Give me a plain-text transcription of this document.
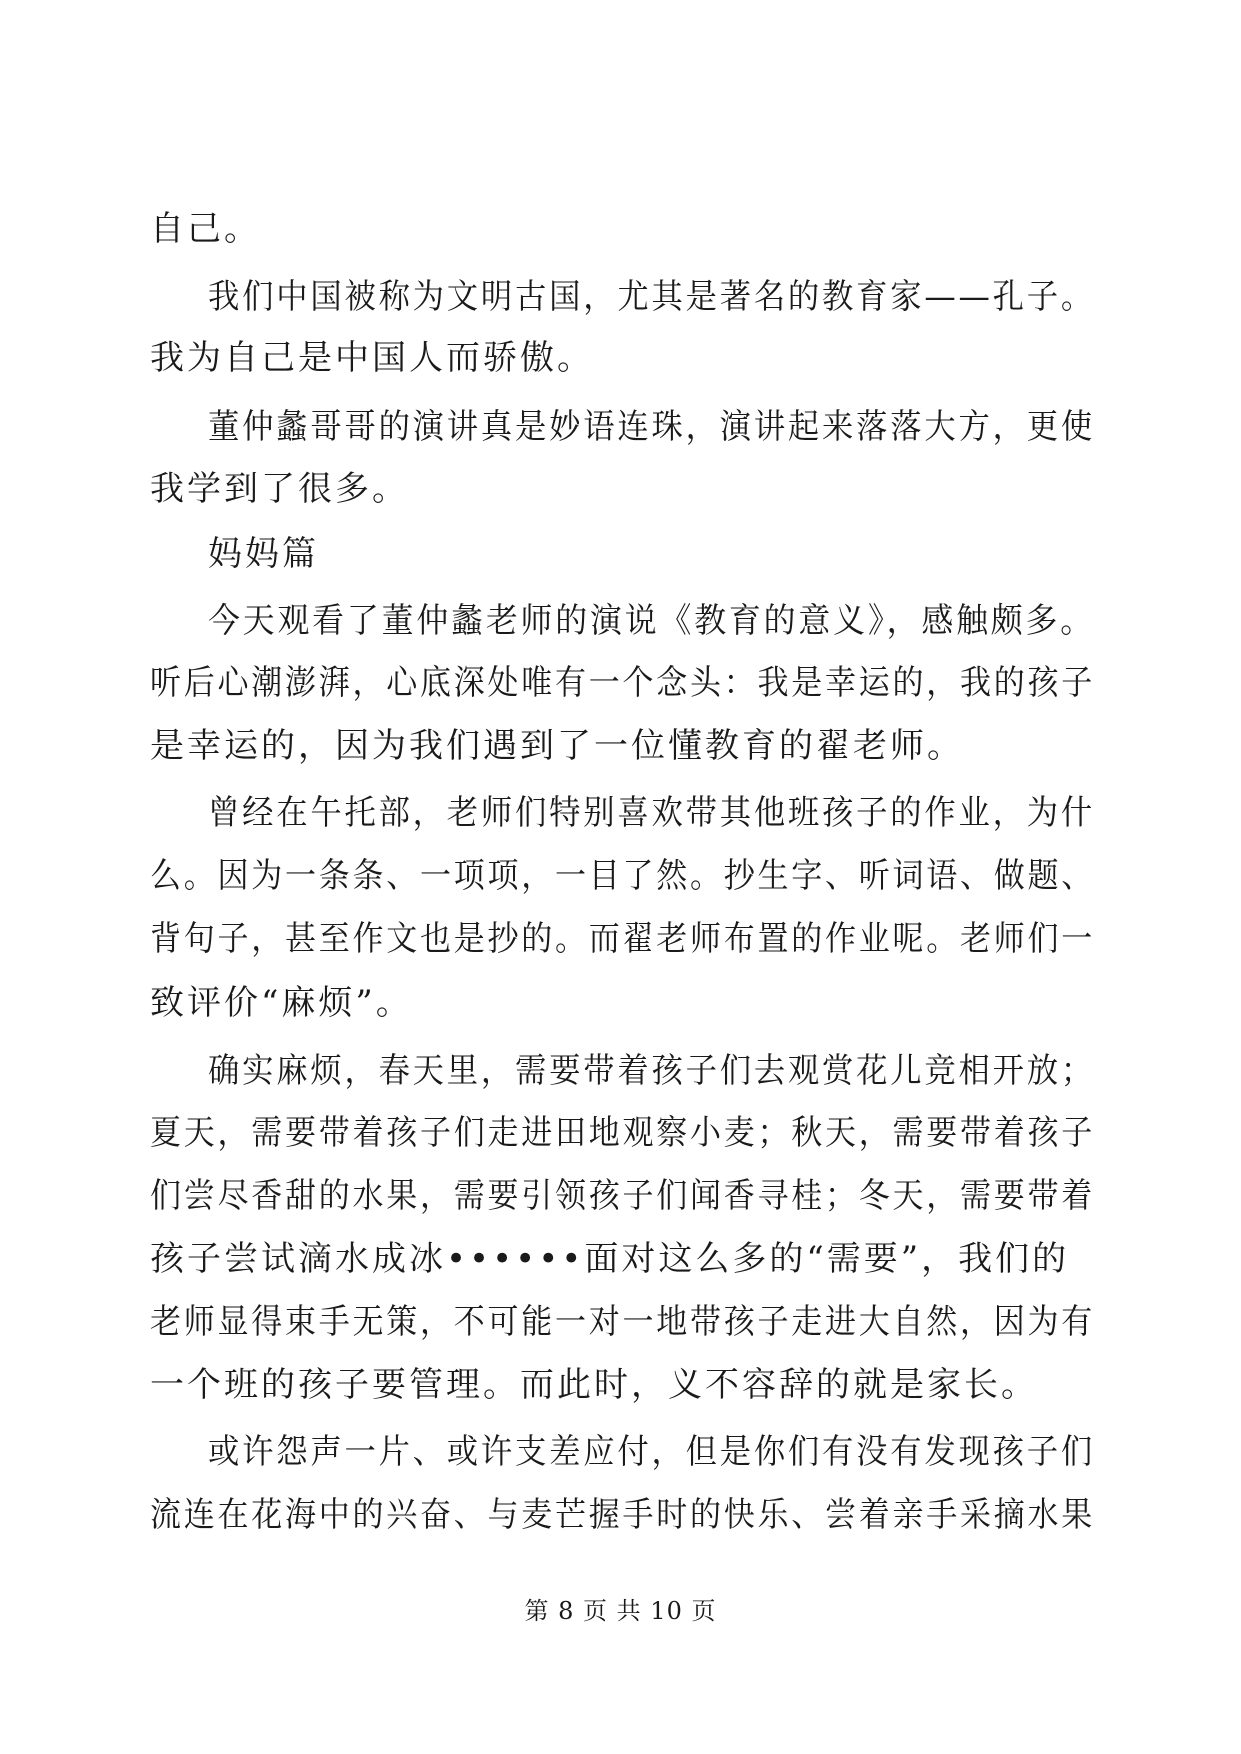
自己。
我们中国被称为文明古国，尤其是著名的教育家——孔子。
我为自己是中国人而骄傲。
董仲蠡哥哥的演讲真是妙语连珠，演讲起来落落大方，更使
我学到了很多。
妈妈篇
今天观看了董仲蠡老师的演说《教育的意义》，感触颇多。
听后心潮澎湃，心底深处唯有一个念头：我是幸运的，我的孩子
是幸运的，因为我们遇到了一位懂教育的翟老师。
曾经在午托部，老师们特别喜欢带其他班孩子的作业，为什
么。因为一条条、一项项，一目了然。抄生字、听词语、做题、
背句子，甚至作文也是抄的。而翟老师布置的作业呢。老师们一
致评价“麻烦”。
确实麻烦，春天里，需要带着孩子们去观赏花儿竞相开放；
夏天，需要带着孩子们走进田地观察小麦；秋天，需要带着孩子
们尝尽香甜的水果，需要引领孩子们闻香寻桂；冬天，需要带着
孩子尝试滴水成冰••••••面对这么多的“需要”，我们的
老师显得束手无策，不可能一对一地带孩子走进大自然，因为有
一个班的孩子要管理。而此时，义不容辞的就是家长。
或许怨声一片、或许支差应付，但是你们有没有发现孩子们
流连在花海中的兴奋、与麦芒握手时的快乐、尝着亲手采摘水果
第 8 页 共 10 页
